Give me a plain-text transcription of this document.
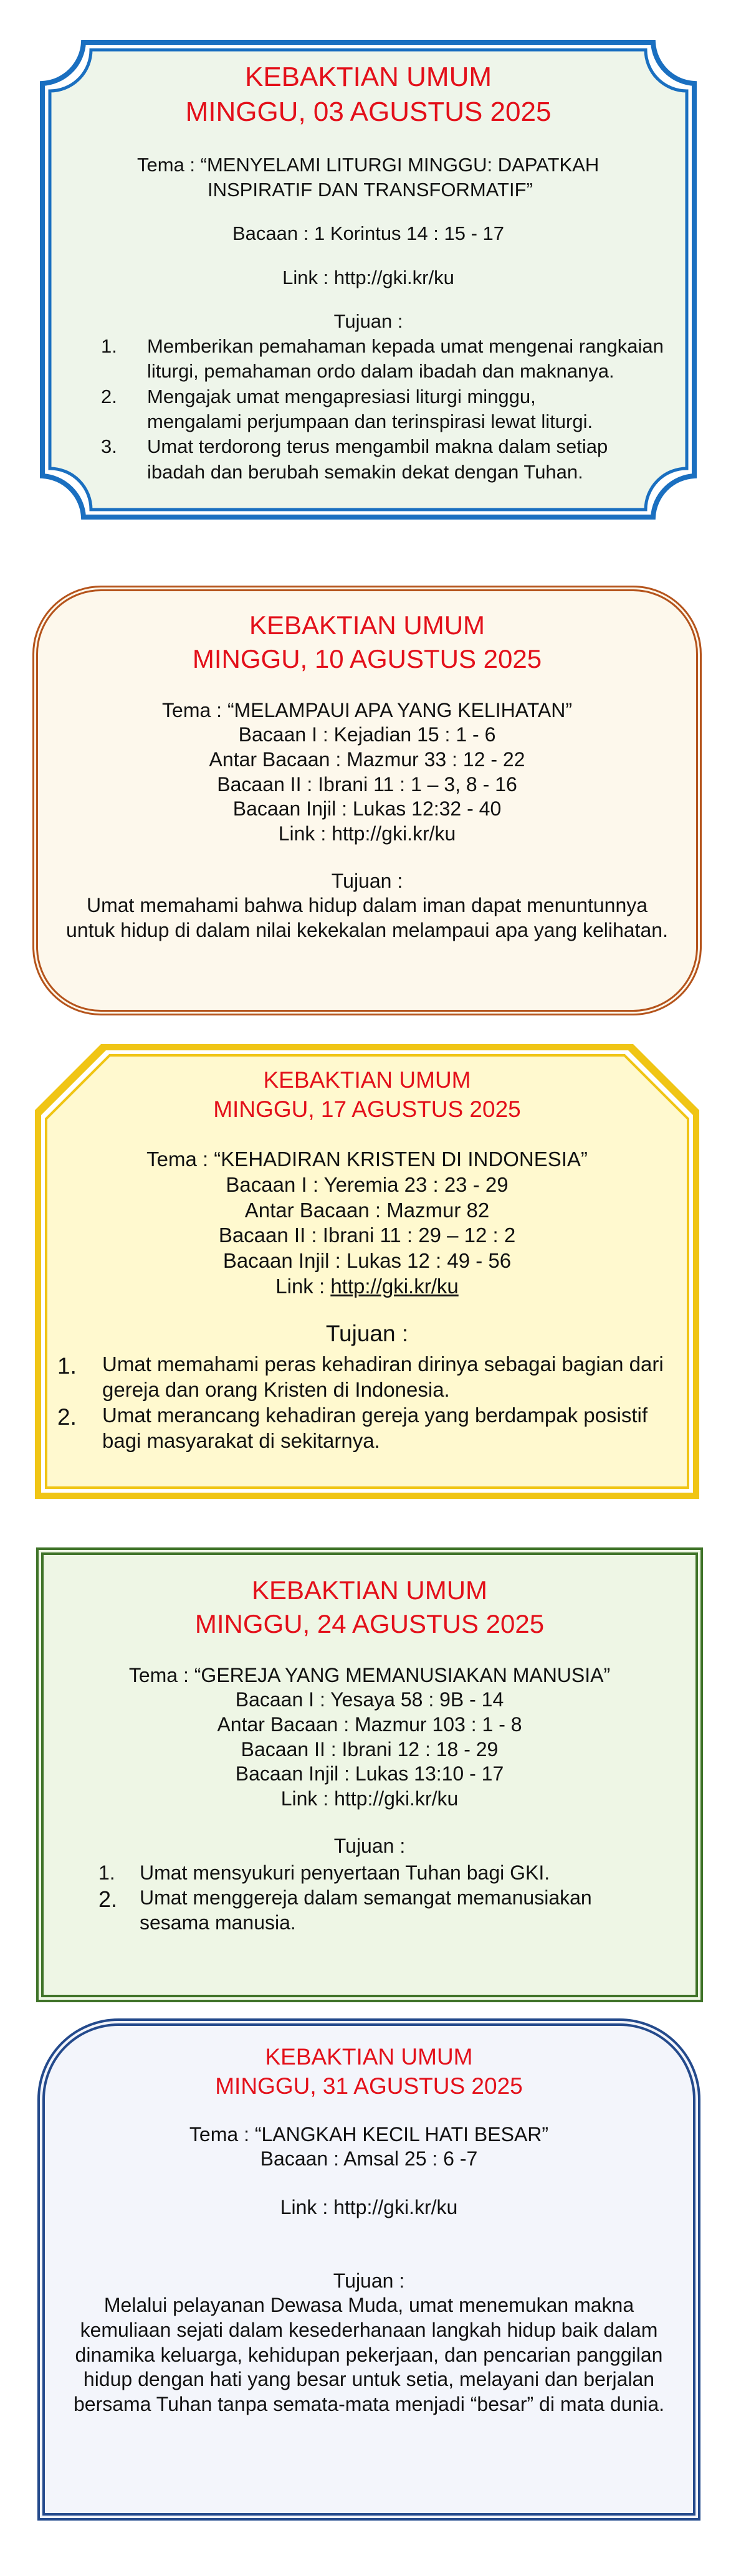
KEBAKTIAN UMUM
MINGGU, 03 AGUSTUS 2025
Tema : “MENYELAMI LITURGI MINGGU: DAPATKAH
INSPIRATIF DAN TRANSFORMATIF”
Bacaan : 1 Korintus 14 : 15 - 17
Link : http://gki.kr/ku
Tujuan :
1.	Memberikan pemahaman kepada umat mengenai rangkaian liturgi, pemahaman ordo dalam ibadah dan maknanya.
2.	Mengajak umat mengapresiasi liturgi minggu, mengalami perjumpaan dan terinspirasi lewat liturgi.
3.	Umat terdorong terus mengambil makna dalam setiap ibadah dan berubah semakin dekat dengan Tuhan.
KEBAKTIAN UMUM
MINGGU, 10 AGUSTUS 2025
Tema : “MELAMPAUI APA YANG KELIHATAN”
Bacaan I : Kejadian 15 : 1 - 6
Antar Bacaan : Mazmur 33 : 12 - 22
Bacaan II : Ibrani 11 : 1 – 3, 8 - 16
Bacaan Injil : Lukas 12:32 - 40
Link : http://gki.kr/ku
Tujuan :
Umat memahami bahwa hidup dalam iman dapat menuntunnya
untuk hidup di dalam nilai kekekalan melampaui apa yang kelihatan.
KEBAKTIAN UMUM
MINGGU, 17 AGUSTUS 2025
Tema : “KEHADIRAN KRISTEN DI INDONESIA”
Bacaan I : Yeremia 23 : 23 - 29
Antar Bacaan : Mazmur 82
Bacaan II : Ibrani 11 : 29 – 12 : 2
Bacaan Injil : Lukas 12 : 49 - 56
Link : http://gki.kr/ku
Tujuan :
1.	Umat memahami peras kehadiran dirinya sebagai bagian dari gereja dan orang Kristen di Indonesia.
2.	Umat merancang kehadiran gereja yang berdampak posistif bagi masyarakat di sekitarnya.
KEBAKTIAN UMUM
MINGGU, 24 AGUSTUS 2025
Tema : “GEREJA YANG MEMANUSIAKAN MANUSIA”
Bacaan I : Yesaya 58 : 9B - 14
Antar Bacaan : Mazmur 103 : 1 - 8
Bacaan II : Ibrani 12 : 18 - 29
Bacaan Injil : Lukas 13:10 - 17
Link : http://gki.kr/ku
Tujuan :
1.	Umat mensyukuri penyertaan Tuhan bagi GKI.
2.	Umat menggereja dalam semangat memanusiakan sesama manusia.
KEBAKTIAN UMUM
MINGGU, 31 AGUSTUS 2025
Tema : “LANGKAH KECIL HATI BESAR”
Bacaan : Amsal 25 : 6 -7
Link : http://gki.kr/ku
Tujuan :
Melalui pelayanan Dewasa Muda, umat menemukan makna
kemuliaan sejati dalam kesederhanaan langkah hidup baik dalam
dinamika keluarga, kehidupan pekerjaan, dan pencarian panggilan
hidup dengan hati yang besar untuk setia, melayani dan berjalan
bersama Tuhan tanpa semata-mata menjadi “besar” di mata dunia.
